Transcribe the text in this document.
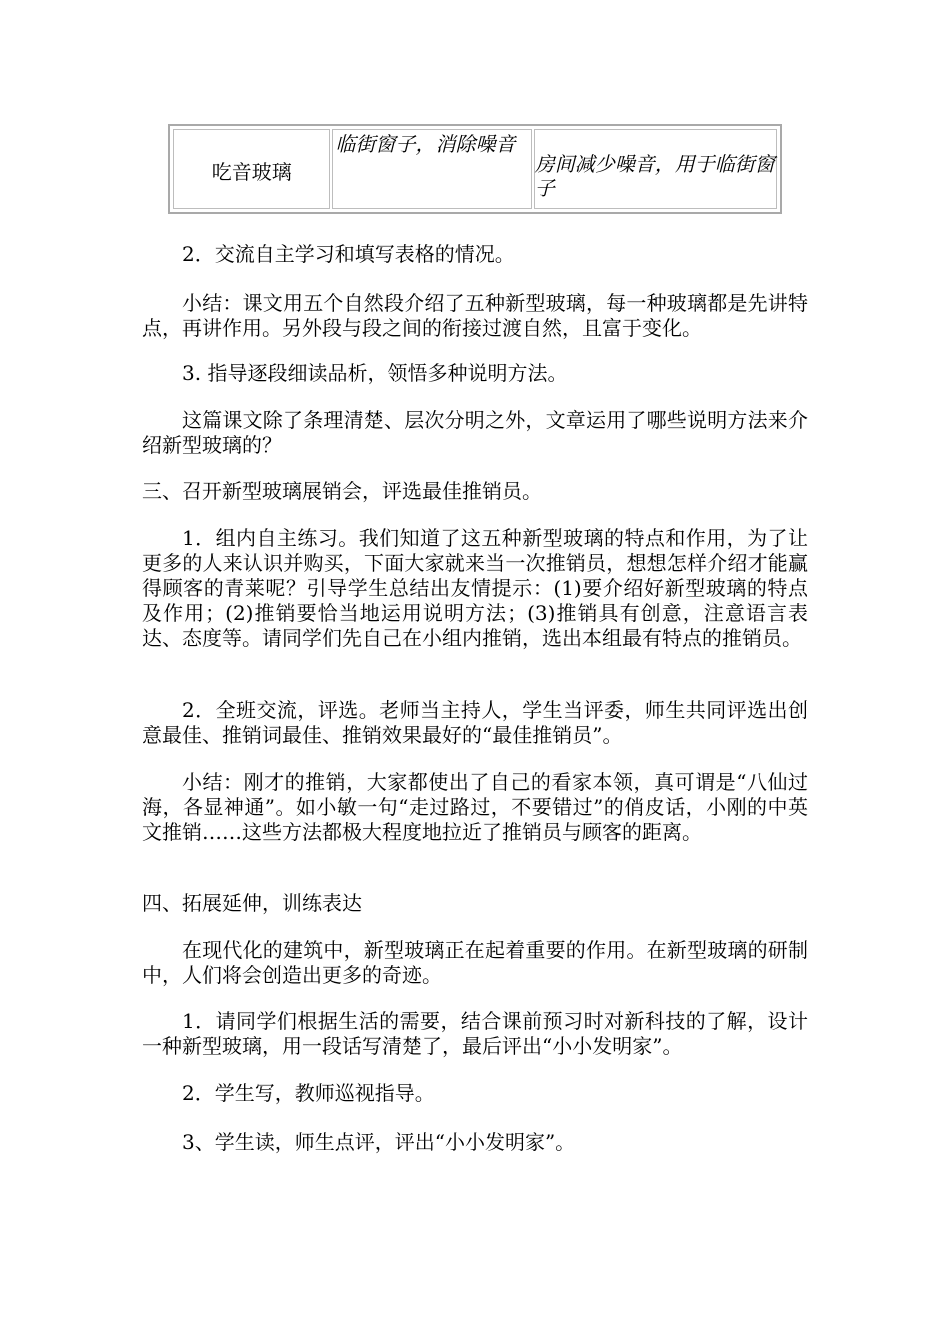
吃音玻璃
临街窗子，消除噪音
房间减少噪音，用于临街窗子

2．交流自主学习和填写表格的情况。

小结：课文用五个自然段介绍了五种新型玻璃，每一种玻璃都是先讲特点，再讲作用。另外段与段之间的衔接过渡自然，且富于变化。

3. 指导逐段细读品析，领悟多种说明方法。

这篇课文除了条理清楚、层次分明之外，文章运用了哪些说明方法来介绍新型玻璃的？

三、召开新型玻璃展销会，评选最佳推销员。

1．组内自主练习。我们知道了这五种新型玻璃的特点和作用，为了让更多的人来认识并购买，下面大家就来当一次推销员，想想怎样介绍才能赢得顾客的青莱呢？引导学生总结出友情提示：(1)要介绍好新型玻璃的特点及作用；(2)推销要恰当地运用说明方法；(3)推销具有创意，注意语言表达、态度等。请同学们先自己在小组内推销，选出本组最有特点的推销员。

2．全班交流，评选。老师当主持人，学生当评委，师生共同评选出创意最佳、推销词最佳、推销效果最好的“最佳推销员”。

小结：刚才的推销，大家都使出了自己的看家本领，真可谓是“八仙过海，各显神通”。如小敏一句“走过路过，不要错过”的俏皮话，小刚的中英文推销……这些方法都极大程度地拉近了推销员与顾客的距离。

四、拓展延伸，训练表达

在现代化的建筑中，新型玻璃正在起着重要的作用。在新型玻璃的研制中，人们将会创造出更多的奇迹。

1．请同学们根据生活的需要，结合课前预习时对新科技的了解，设计一种新型玻璃，用一段话写清楚了，最后评出“小小发明家”。

2．学生写，教师巡视指导。

3、学生读，师生点评，评出“小小发明家”。
